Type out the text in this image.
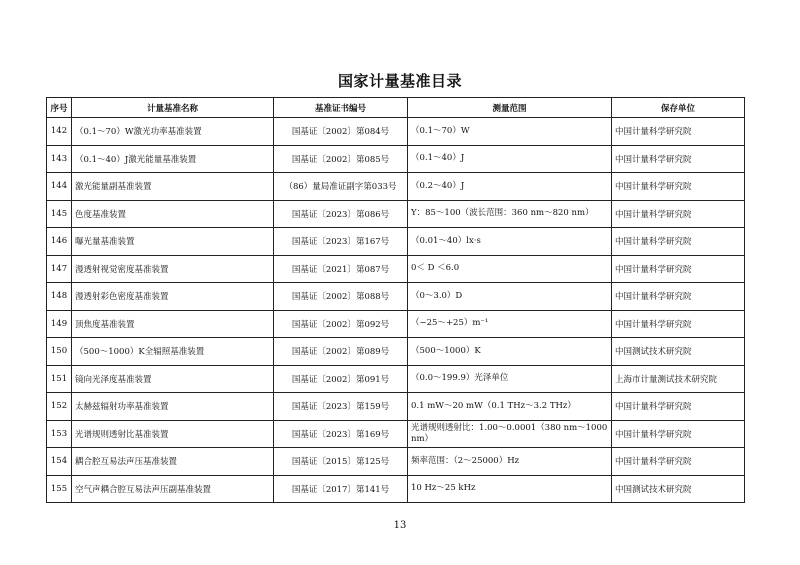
国家计量基准目录
序号	计量基准名称	基准证书编号	测量范围	保存单位
142	（0.1～70）W激光功率基准装置	国基证〔2002〕第084号	（0.1～70）W	中国计量科学研究院
143	（0.1～40）J激光能量基准装置	国基证〔2002〕第085号	（0.1～40）J	中国计量科学研究院
144	激光能量副基准装置	（86）量局准证副字第033号	（0.2～40）J	中国计量科学研究院
145	色度基准装置	国基证〔2023〕第086号	Y：85～100（波长范围：360 nm～820 nm）	中国计量科学研究院
146	曝光量基准装置	国基证〔2023〕第167号	（0.01～40）lx·s	中国计量科学研究院
147	漫透射视觉密度基准装置	国基证〔2021〕第087号	0＜ D ＜6.0	中国计量科学研究院
148	漫透射彩色密度基准装置	国基证〔2002〕第088号	（0～3.0）D	中国计量科学研究院
149	顶焦度基准装置	国基证〔2002〕第092号	（−25～+25）m⁻¹	中国计量科学研究院
150	（500～1000）K全辐照基准装置	国基证〔2002〕第089号	（500～1000）K	中国测试技术研究院
151	镜向光泽度基准装置	国基证〔2002〕第091号	（0.0～199.9）光泽单位	上海市计量测试技术研究院
152	太赫兹辐射功率基准装置	国基证〔2023〕第159号	0.1 mW～20 mW（0.1 THz～3.2 THz）	中国计量科学研究院
153	光谱规则透射比基准装置	国基证〔2023〕第169号	光谱规则透射比：1.00～0.0001（380 nm～1000 nm）	中国计量科学研究院
154	耦合腔互易法声压基准装置	国基证〔2015〕第125号	频率范围：（2～25000）Hz	中国计量科学研究院
155	空气声耦合腔互易法声压副基准装置	国基证〔2017〕第141号	10 Hz～25 kHz	中国测试技术研究院
13
